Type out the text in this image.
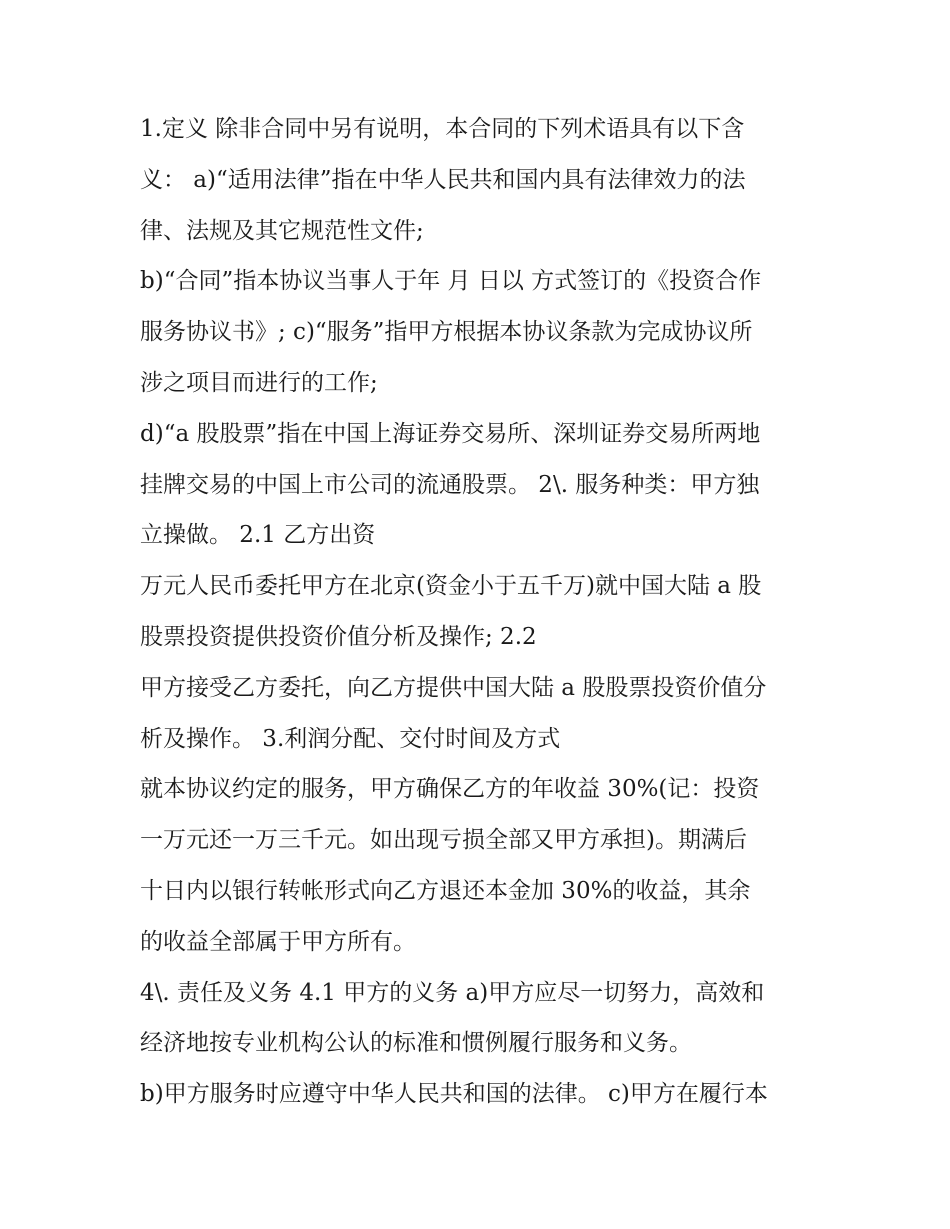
1.定义 除非合同中另有说明，本合同的下列术语具有以下含
义： a)“适用法律”指在中华人民共和国内具有法律效力的法
律、法规及其它规范性文件;
b)“合同”指本协议当事人于年 月 日以 方式签订的《投资合作
服务协议书》; c)“服务”指甲方根据本协议条款为完成协议所
涉之项目而进行的工作;
d)“a 股股票”指在中国上海证券交易所、深圳证券交易所两地
挂牌交易的中国上市公司的流通股票。 2\. 服务种类：甲方独
立操做。 2.1 乙方出资
万元人民币委托甲方在北京(资金小于五千万)就中国大陆 a 股
股票投资提供投资价值分析及操作; 2.2
甲方接受乙方委托，向乙方提供中国大陆 a 股股票投资价值分
析及操作。 3.利润分配、交付时间及方式
就本协议约定的服务，甲方确保乙方的年收益 30%(记：投资
一万元还一万三千元。如出现亏损全部又甲方承担)。期满后
十日内以银行转帐形式向乙方退还本金加 30%的收益，其余
的收益全部属于甲方所有。
4\. 责任及义务 4.1 甲方的义务 a)甲方应尽一切努力，高效和
经济地按专业机构公认的标准和惯例履行服务和义务。
b)甲方服务时应遵守中华人民共和国的法律。 c)甲方在履行本
